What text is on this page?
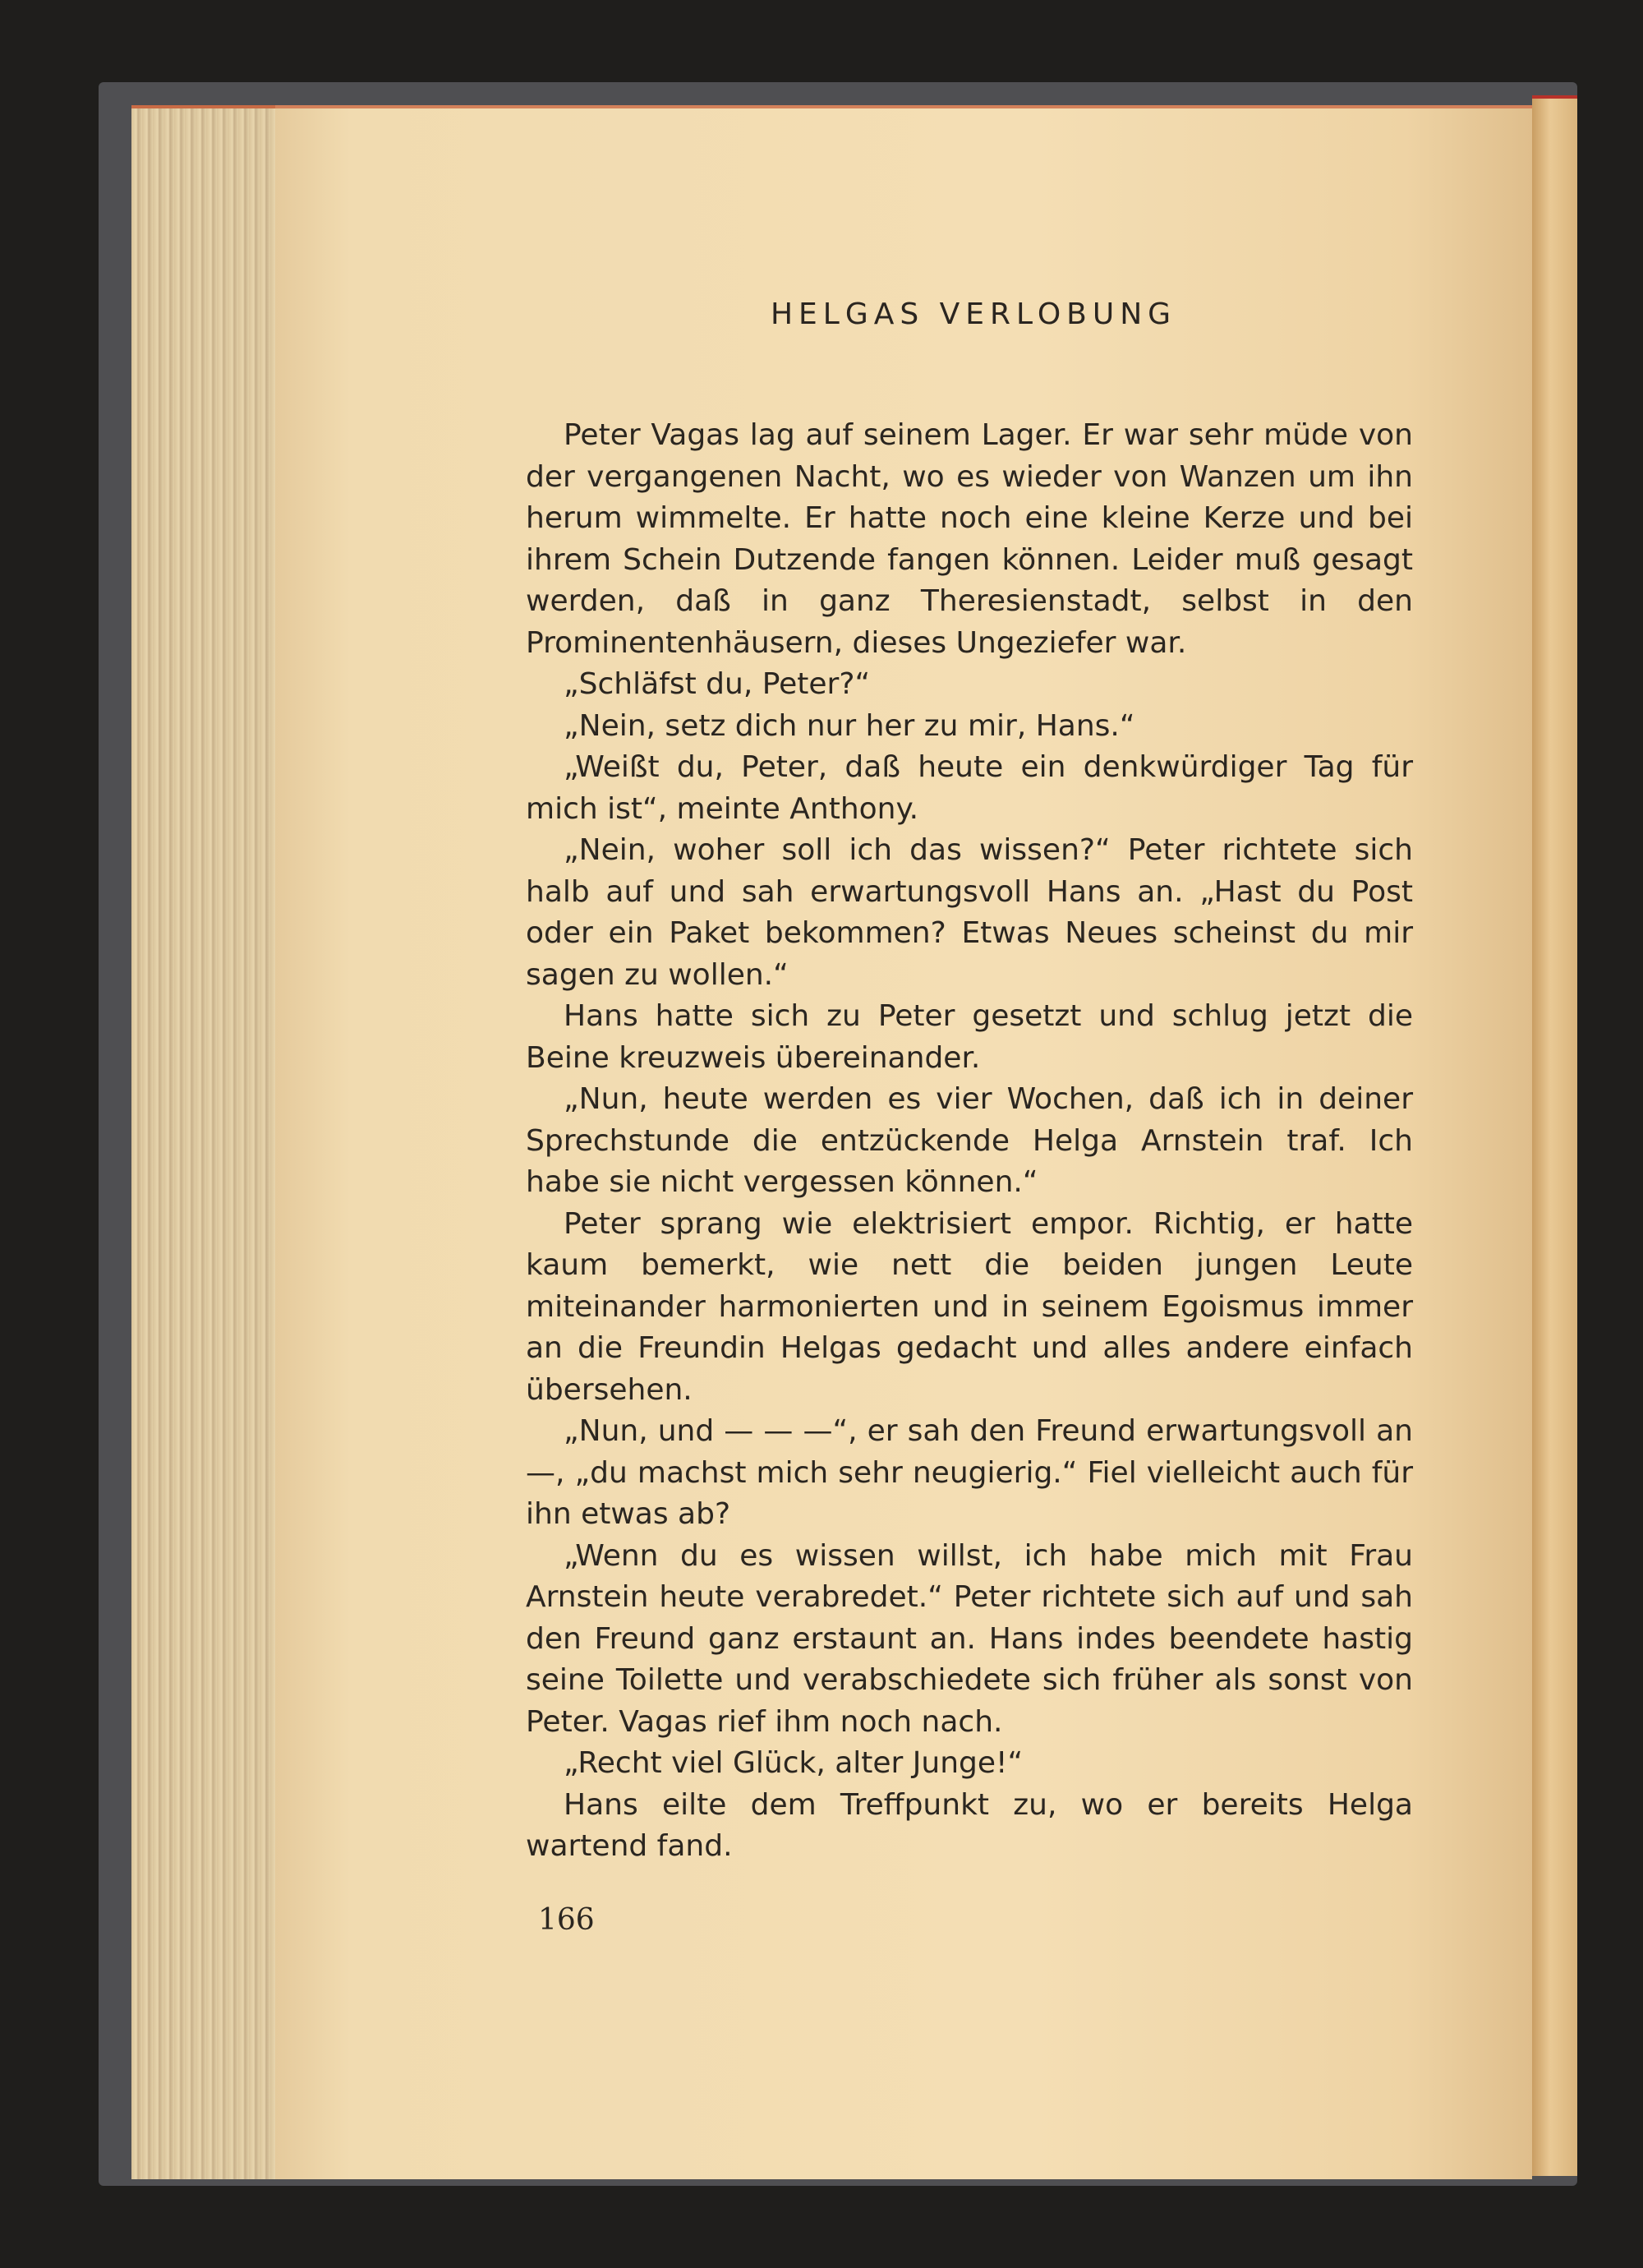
HELGAS VERLOBUNG

Peter Vagas lag auf seinem Lager. Er war sehr müde von der vergangenen Nacht, wo es wieder von Wanzen um ihn herum wimmelte. Er hatte noch eine kleine Kerze und bei ihrem Schein Dutzende fangen können. Leider muß gesagt werden, daß in ganz Theresienstadt, selbst in den Prominentenhäusern, dieses Ungeziefer war.

„Schläfst du, Peter?“

„Nein, setz dich nur her zu mir, Hans.“

„Weißt du, Peter, daß heute ein denkwürdiger Tag für mich ist“, meinte Anthony.

„Nein, woher soll ich das wissen?“ Peter richtete sich halb auf und sah erwartungsvoll Hans an. „Hast du Post oder ein Paket bekommen? Etwas Neues scheinst du mir sagen zu wollen.“

Hans hatte sich zu Peter gesetzt und schlug jetzt die Beine kreuzweis übereinander.

„Nun, heute werden es vier Wochen, daß ich in deiner Sprechstunde die entzückende Helga Arnstein traf. Ich habe sie nicht vergessen können.“

Peter sprang wie elektrisiert empor. Richtig, er hatte kaum bemerkt, wie nett die beiden jungen Leute miteinander harmonierten und in seinem Egoismus immer an die Freundin Helgas gedacht und alles andere einfach übersehen.

„Nun, und — — —“, er sah den Freund erwartungsvoll an —, „du machst mich sehr neugierig.“ Fiel vielleicht auch für ihn etwas ab?

„Wenn du es wissen willst, ich habe mich mit Frau Arnstein heute verabredet.“ Peter richtete sich auf und sah den Freund ganz erstaunt an. Hans indes beendete hastig seine Toilette und verabschiedete sich früher als sonst von Peter. Vagas rief ihm noch nach.

„Recht viel Glück, alter Junge!“

Hans eilte dem Treffpunkt zu, wo er bereits Helga wartend fand.

166
